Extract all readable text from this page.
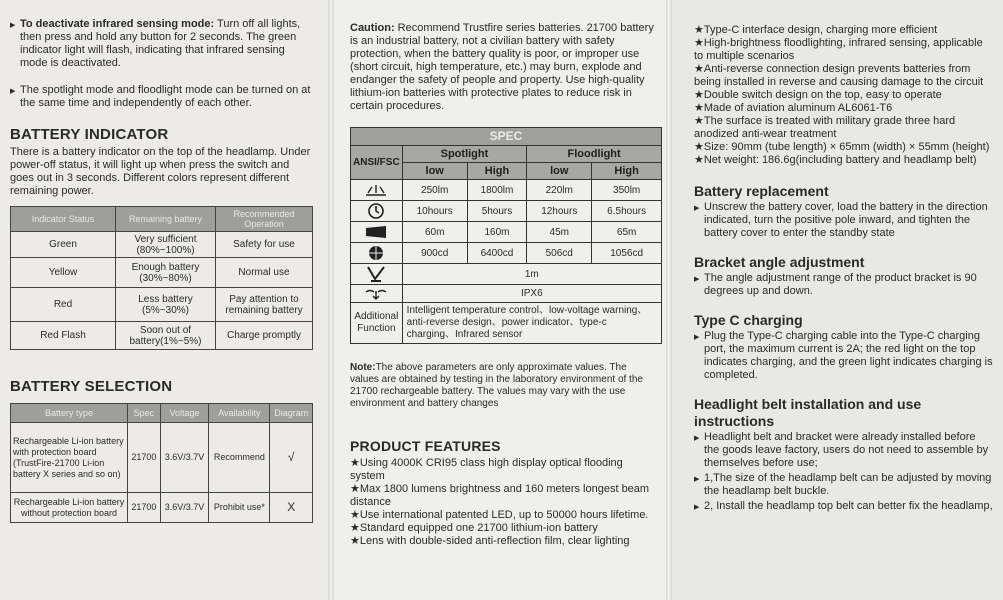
▶ To deactivate infrared sensing mode: Turn off all lights, then press and hold any button for 2 seconds. The green indicator light will flash, indicating that infrared sensing mode is deactivated.

▶ The spotlight mode and floodlight mode can be turned on at the same time and independently of each other.

BATTERY INDICATOR

There is a battery indicator on the top of the headlamp. Under power-off status, it will light up when press the switch and goes out in 3 seconds. Different colors represent different remaining power.

Indicator Status	Remaining battery	Recommended Operation
Green	Very sufficient (80%~100%)	Safety for use
Yellow	Enough battery (30%~80%)	Normal use
Red	Less battery (5%~30%)	Pay attention to remaining battery
Red Flash	Soon out of battery(1%~5%)	Charge promptly
BATTERY SELECTION
Battery type	Spec	Voltage	Availability	Diagram
Rechargeable Li-ion battery with protection board (TrustFire-21700 Li-ion battery X series and so on)	21700	3.6V/3.7V	Recommend	√
Rechargeable Li-ion battery without protection board	21700	3.6V/3.7V	Prohibit use*	X

Caution: Recommend Trustfire series batteries. 21700 battery is an industrial battery, not a civilian battery with safety protection, when the battery quality is poor, or improper use (short circuit, high temperature, etc.) may burn, explode and endanger the safety of people and property. Use high-quality lithium-ion batteries with protective plates to reduce risk in certain procedures.

SPEC				
ANSI/FSC	Spotlight		Floodlight	
	low	High	low	High
	250lm	1800lm	220lm	350lm
	10hours	5hours	12hours	6.5hours
	60m	160m	45m	65m
	900cd	6400cd	506cd	1056cd
	1m			
	IPX6			
Additional Function	Intelligent temperature control、low-voltage warning、anti-reverse design、power indicator、type-c charging、Infrared sensor			

Note:The above parameters are only approximate values. The values are obtained by testing in the laboratory environment of the 21700 rechargeable battery. The values may vary with the use environment and battery changes

PRODUCT FEATURES

★Using 4000K CRI95 class high display optical flooding system

★Max 1800 lumens brightness and 160 meters longest beam distance

★Use international patented LED, up to 50000 hours lifetime.

★Standard equipped one 21700 lithium-ion battery

★Lens with double-sided anti-reflection film, clear lighting

★Type-C interface design, charging more efficient

★High-brightness floodlighting, infrared sensing, applicable to multiple scenarios

★Anti-reverse connection design prevents batteries from being installed in reverse and causing damage to the circuit

★Double switch design on the top, easy to operate

★Made of aviation aluminum AL6061-T6

★The surface is treated with military grade three hard anodized anti-wear treatment

★Size: 90mm (tube length) × 65mm (width) × 55mm (height)

★Net weight: 186.6g(including battery and headlamp belt)

Battery replacement

▶ Unscrew the battery cover, load the battery in the direction indicated, turn the positive pole inward, and tighten the battery cover to enter the standby state

Bracket angle adjustment

▶ The angle adjustment range of the product bracket is 90 degrees up and down.

Type C charging

▶ Plug the Type-C charging cable into the Type-C charging port, the maximum current is 2A; the red light on the top indicates charging, and the green light indicates charging is completed.

Headlight belt installation and use instructions

▶ Headlight belt and bracket were already installed before the goods leave factory, users do not need to assemble by themselves before use;

▶ 1,The size of the headlamp belt can be adjusted by moving the headlamp belt buckle.

▶ 2, Install the headlamp top belt can better fix the headlamp,
